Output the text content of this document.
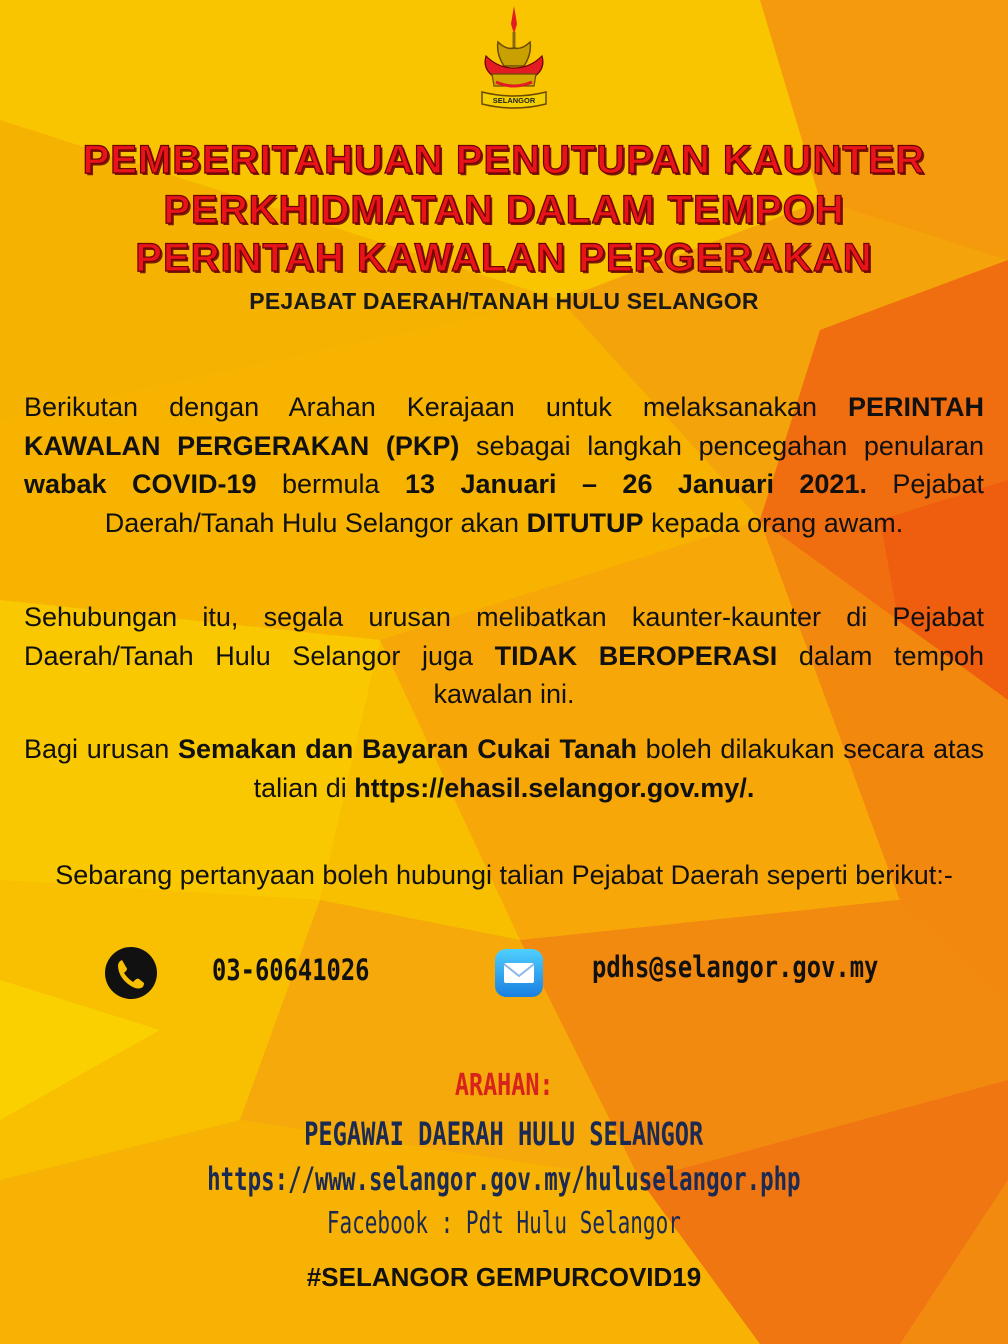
SELANGOR
PEMBERITAHUAN PENUTUPAN KAUNTER
PERKHIDMATAN DALAM TEMPOH
PERINTAH KAWALAN PERGERAKAN
PEJABAT DAERAH/TANAH HULU SELANGOR
Berikutan dengan Arahan Kerajaan untuk melaksanakan PERINTAH KAWALAN PERGERAKAN (PKP) sebagai langkah pencegahan penularan wabak COVID-19 bermula 13 Januari – 26 Januari 2021. Pejabat Daerah/Tanah Hulu Selangor akan DITUTUP kepada orang awam.
Sehubungan itu, segala urusan melibatkan kaunter-kaunter di Pejabat Daerah/Tanah Hulu Selangor juga TIDAK BEROPERASI dalam tempoh kawalan ini.
Bagi urusan Semakan dan Bayaran Cukai Tanah boleh dilakukan secara atas talian di https://ehasil.selangor.gov.my/.
Sebarang pertanyaan boleh hubungi talian Pejabat Daerah seperti berikut:-
03-60641026	pdhs@selangor.gov.my
ARAHAN:
PEGAWAI DAERAH HULU SELANGOR
https://www.selangor.gov.my/huluselangor.php
Facebook : Pdt Hulu Selangor
#SELANGOR GEMPURCOVID19
